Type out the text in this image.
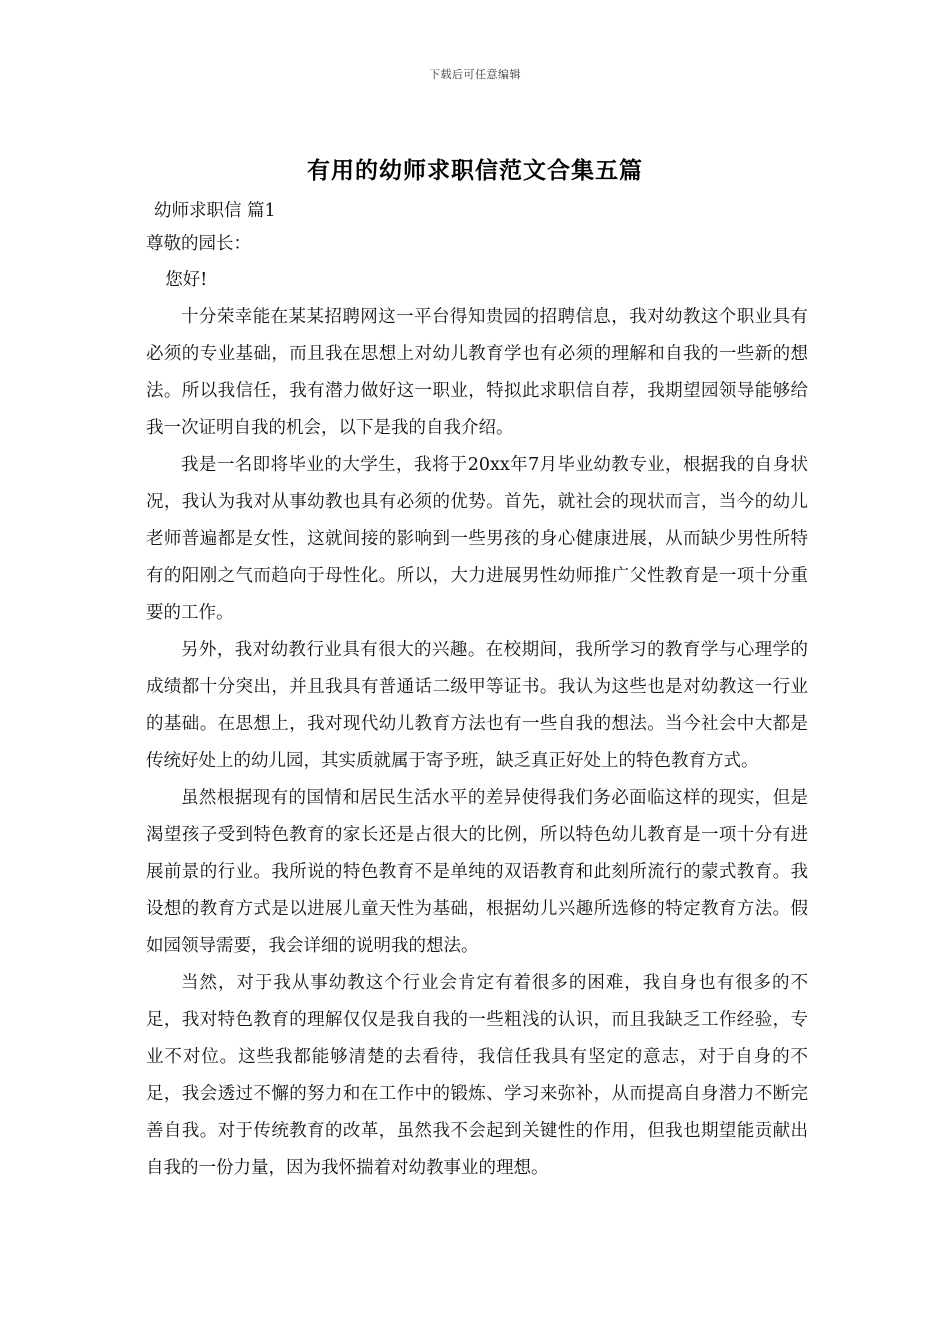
下载后可任意编辑
有用的幼师求职信范文合集五篇

幼师求职信 篇1

尊敬的园长：

您好!

十分荣幸能在某某招聘网这一平台得知贵园的招聘信息，我对幼教这个职业具有必须的专业基础，而且我在思想上对幼儿教育学也有必须的理解和自我的一些新的想法。所以我信任，我有潜力做好这一职业，特拟此求职信自荐，我期望园领导能够给我一次证明自我的机会，以下是我的自我介绍。

我是一名即将毕业的大学生，我将于20xx年7月毕业幼教专业，根据我的自身状况，我认为我对从事幼教也具有必须的优势。首先，就社会的现状而言，当今的幼儿老师普遍都是女性，这就间接的影响到一些男孩的身心健康进展，从而缺少男性所特有的阳刚之气而趋向于母性化。所以，大力进展男性幼师推广父性教育是一项十分重要的工作。

另外，我对幼教行业具有很大的兴趣。在校期间，我所学习的教育学与心理学的成绩都十分突出，并且我具有普通话二级甲等证书。我认为这些也是对幼教这一行业的基础。在思想上，我对现代幼儿教育方法也有一些自我的想法。当今社会中大都是传统好处上的幼儿园，其实质就属于寄予班，缺乏真正好处上的特色教育方式。

虽然根据现有的国情和居民生活水平的差异使得我们务必面临这样的现实，但是渴望孩子受到特色教育的家长还是占很大的比例，所以特色幼儿教育是一项十分有进展前景的行业。我所说的特色教育不是单纯的双语教育和此刻所流行的蒙式教育。我设想的教育方式是以进展儿童天性为基础，根据幼儿兴趣所选修的特定教育方法。假如园领导需要，我会详细的说明我的想法。

当然，对于我从事幼教这个行业会肯定有着很多的困难，我自身也有很多的不足，我对特色教育的理解仅仅是我自我的一些粗浅的认识，而且我缺乏工作经验，专业不对位。这些我都能够清楚的去看待，我信任我具有坚定的意志，对于自身的不足，我会透过不懈的努力和在工作中的锻炼、学习来弥补，从而提高自身潜力不断完善自我。对于传统教育的改革，虽然我不会起到关键性的作用，但我也期望能贡献出自我的一份力量，因为我怀揣着对幼教事业的理想。
